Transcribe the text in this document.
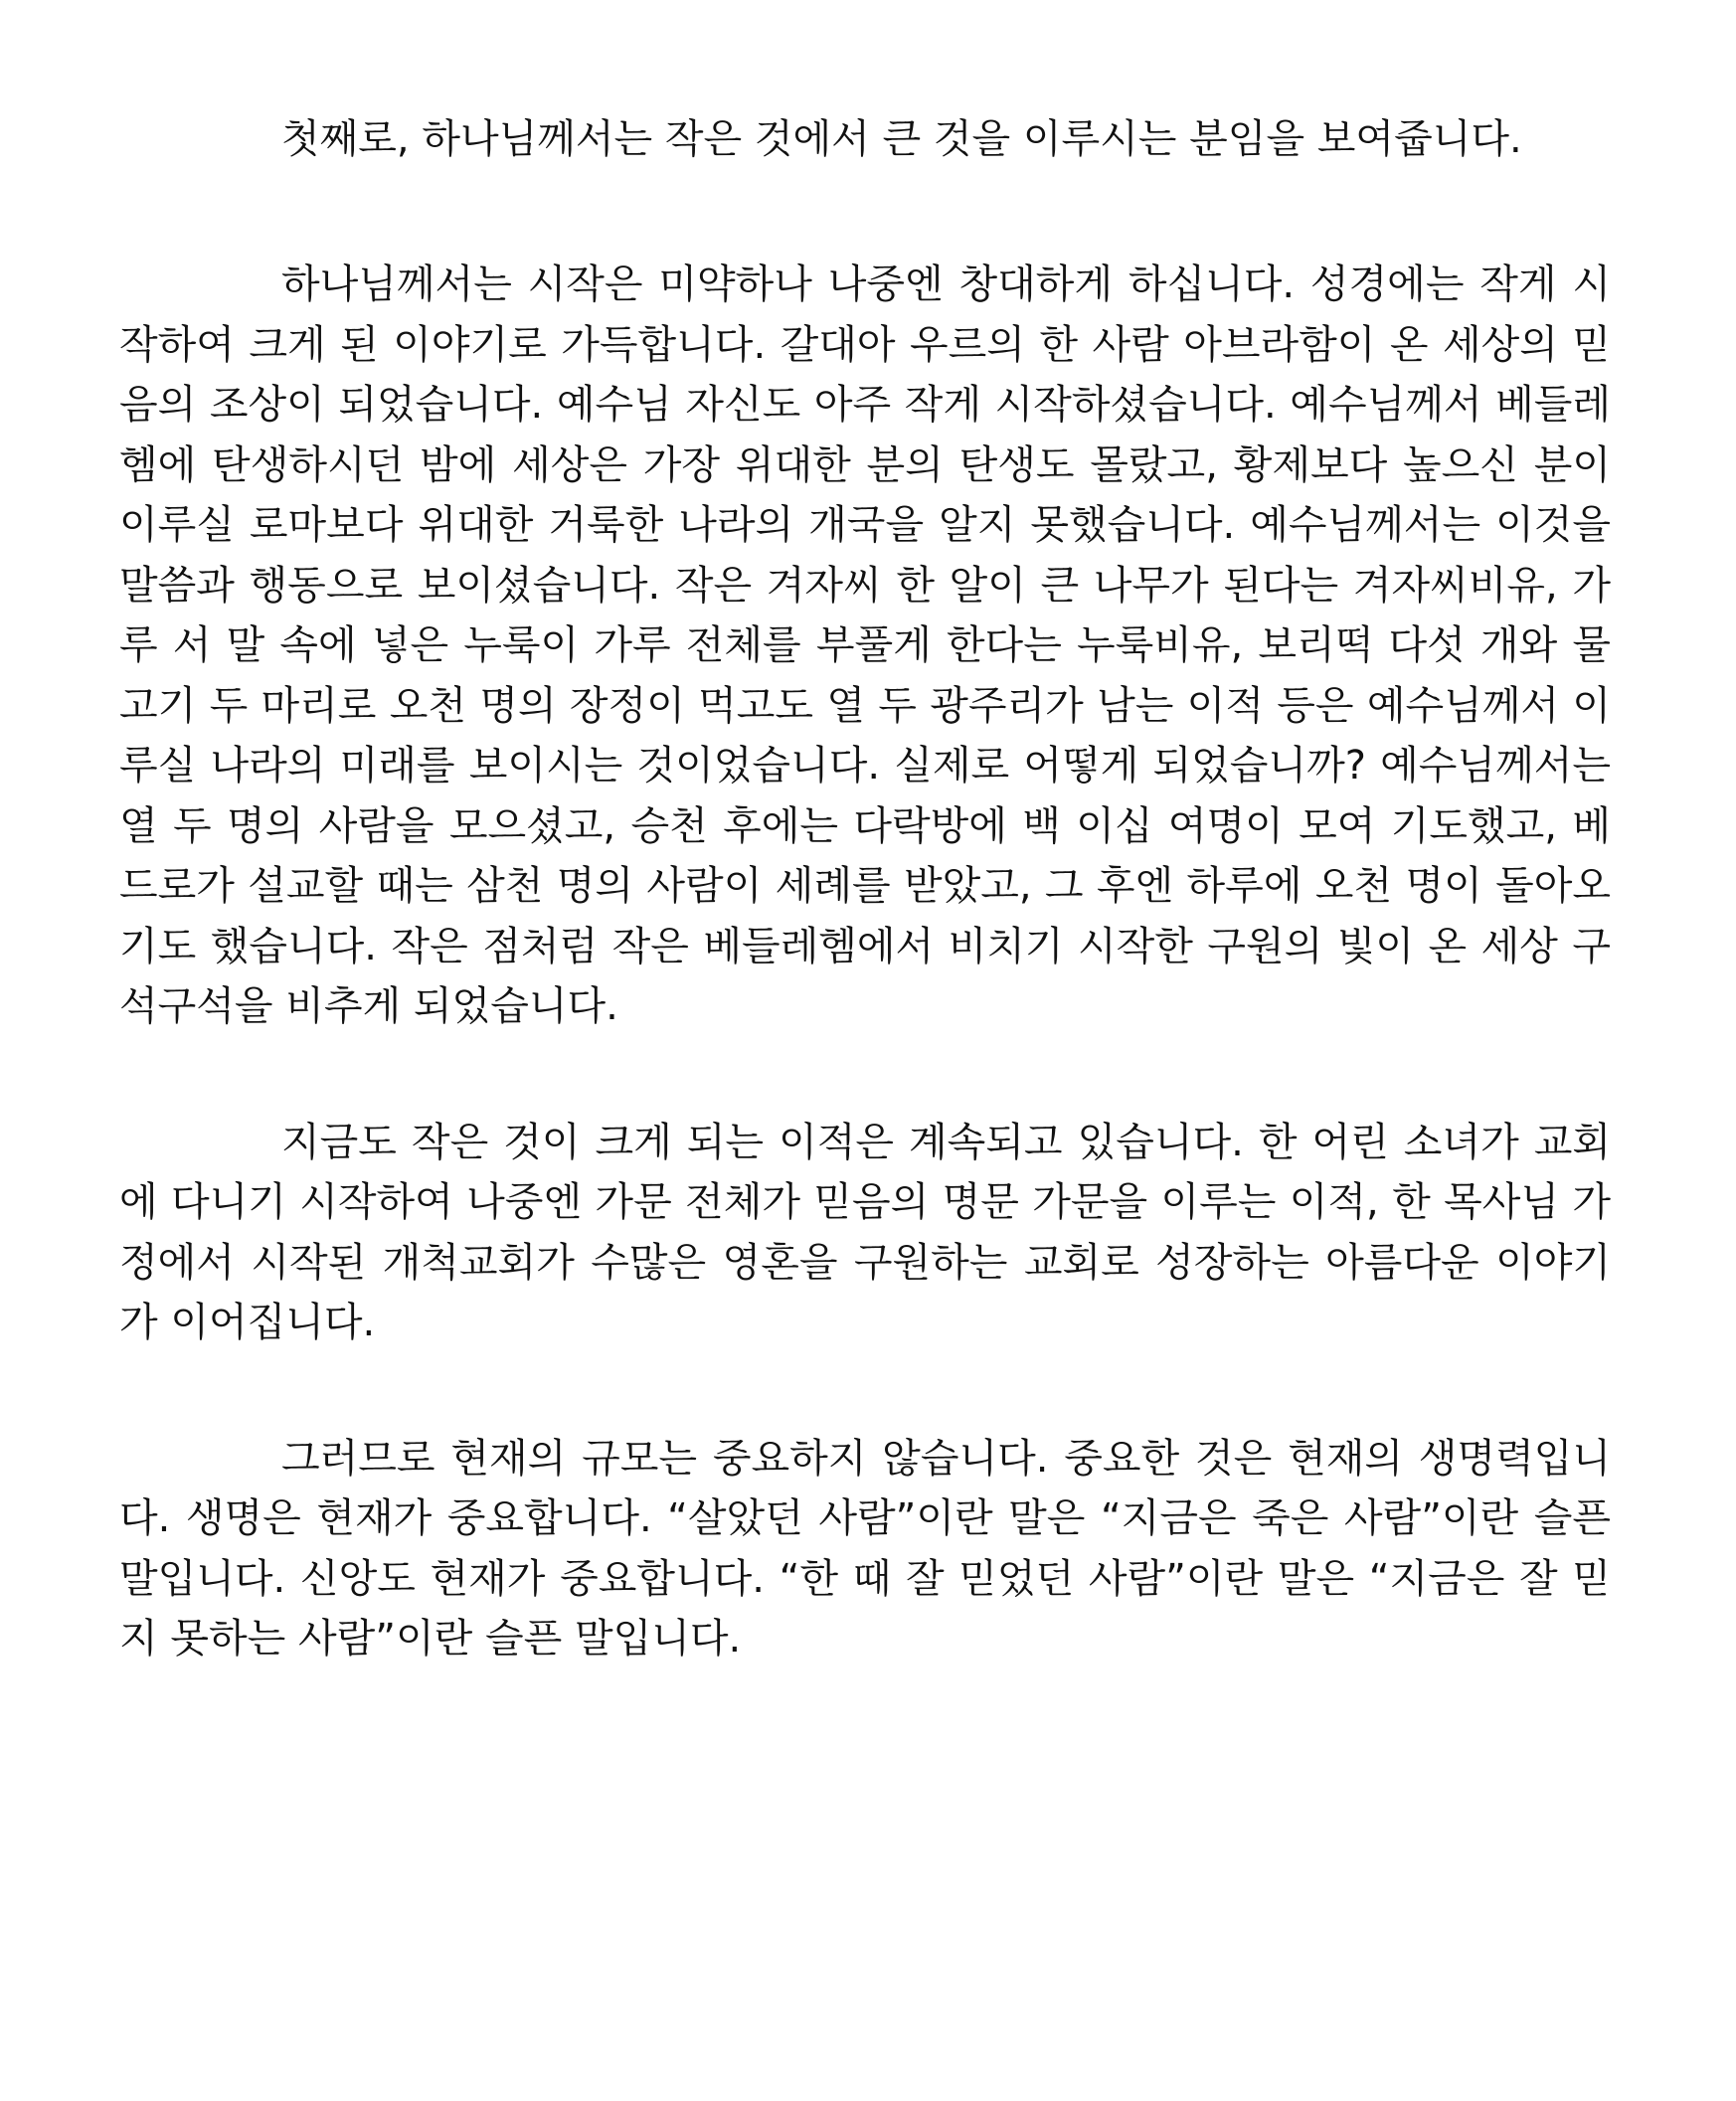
첫째로, 하나님께서는 작은 것에서 큰 것을 이루시는 분임을 보여줍니다.

하나님께서는 시작은 미약하나 나중엔 창대하게 하십니다. 성경에는 작게 시작하여 크게 된 이야기로 가득합니다. 갈대아 우르의 한 사람 아브라함이 온 세상의 믿음의 조상이 되었습니다. 예수님 자신도 아주 작게 시작하셨습니다. 예수님께서 베들레헴에 탄생하시던 밤에 세상은 가장 위대한 분의 탄생도 몰랐고, 황제보다 높으신 분이 이루실 로마보다 위대한 거룩한 나라의 개국을 알지 못했습니다. 예수님께서는 이것을 말씀과 행동으로 보이셨습니다. 작은 겨자씨 한 알이 큰 나무가 된다는 겨자씨비유, 가루 서 말 속에 넣은 누룩이 가루 전체를 부풀게 한다는 누룩비유, 보리떡 다섯 개와 물고기 두 마리로 오천 명의 장정이 먹고도 열 두 광주리가 남는 이적 등은 예수님께서 이루실 나라의 미래를 보이시는 것이었습니다. 실제로 어떻게 되었습니까? 예수님께서는 열 두 명의 사람을 모으셨고, 승천 후에는 다락방에 백 이십 여명이 모여 기도했고, 베드로가 설교할 때는 삼천 명의 사람이 세례를 받았고, 그 후엔 하루에 오천 명이 돌아오기도 했습니다. 작은 점처럼 작은 베들레헴에서 비치기 시작한 구원의 빛이 온 세상 구석구석을 비추게 되었습니다.

지금도 작은 것이 크게 되는 이적은 계속되고 있습니다. 한 어린 소녀가 교회에 다니기 시작하여 나중엔 가문 전체가 믿음의 명문 가문을 이루는 이적, 한 목사님 가정에서 시작된 개척교회가 수많은 영혼을 구원하는 교회로 성장하는 아름다운 이야기가 이어집니다.

그러므로 현재의 규모는 중요하지 않습니다. 중요한 것은 현재의 생명력입니다. 생명은 현재가 중요합니다. “살았던 사람”이란 말은 “지금은 죽은 사람”이란 슬픈 말입니다. 신앙도 현재가 중요합니다. “한 때 잘 믿었던 사람”이란 말은 “지금은 잘 믿지 못하는 사람”이란 슬픈 말입니다.
